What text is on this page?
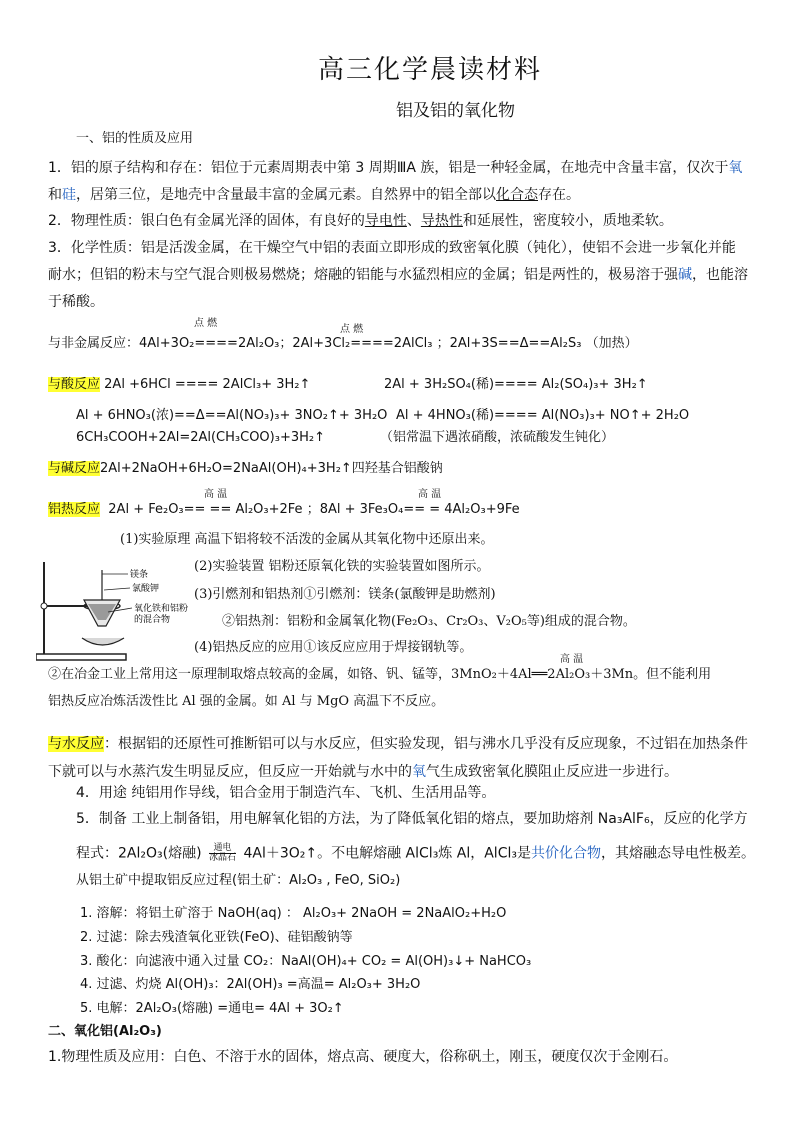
高三化学晨读材料
铝及铝的氧化物
一、铝的性质及应用
1．铝的原子结构和存在：铝位于元素周期表中第 3 周期ⅢA 族，铝是一种轻金属，在地壳中含量丰富，仅次于氧
和硅，居第三位，是地壳中含量最丰富的金属元素。自然界中的铝全部以化合态存在。
2．物理性质：银白色有金属光泽的固体，有良好的导电性、导热性和延展性，密度较小，质地柔软。
3．化学性质：铝是活泼金属，在干燥空气中铝的表面立即形成的致密氧化膜（钝化），使铝不会进一步氧化并能
耐水；但铝的粉末与空气混合则极易燃烧；熔融的铝能与水猛烈相应的金属；铝是两性的，极易溶于强碱，也能溶
于稀酸。
点 燃
点 燃
与非金属反应：4Al+3O₂====2Al₂O₃；2Al+3Cl₂====2AlCl₃ ；2Al+3S==Δ==Al₂S₃ （加热）
与酸反应 2Al +6HCl ==== 2AlCl₃+ 3H₂↑	2Al + 3H₂SO₄(稀)==== Al₂(SO₄)₃+ 3H₂↑
Al + 6HNO₃(浓)==Δ==Al(NO₃)₃+ 3NO₂↑+ 3H₂O Al + 4HNO₃(稀)==== Al(NO₃)₃+ NO↑+ 2H₂O
6CH₃COOH+2Al=2Al(CH₃COO)₃+3H₂↑	（铝常温下遇浓硝酸，浓硫酸发生钝化）
与碱反应2Al+2NaOH+6H₂O=2NaAl(OH)₄+3H₂↑四羟基合铝酸钠
高 温	高 温
铝热反应 2Al + Fe₂O₃== == Al₂O₃+2Fe ；8Al + 3Fe₃O₄== = 4Al₂O₃+9Fe
(1)实验原理 高温下铝将较不活泼的金属从其氧化物中还原出来。
(2)实验装置 铝粉还原氧化铁的实验装置如图所示。
(3)引燃剂和铝热剂①引燃剂：镁条(氯酸钾是助燃剂)
②铝热剂：铝粉和金属氧化物(Fe₂O₃、Cr₂O₃、V₂O₅等)组成的混合物。
(4)铝热反应的应用①该反应应用于焊接钢轨等。
高 温
②在冶金工业上常用这一原理制取熔点较高的金属，如铬、钒、锰等，3MnO₂＋4Al══2Al₂O₃＋3Mn。但不能利用
铝热反应冶炼活泼性比 Al 强的金属。如 Al 与 MgO 高温下不反应。
镁条
氯酸钾
氧化铁和铝粉
的混合物
与水反应：根据铝的还原性可推断铝可以与水反应，但实验发现，铝与沸水几乎没有反应现象，不过铝在加热条件
下就可以与水蒸汽发生明显反应，但反应一开始就与水中的氧气生成致密氧化膜阻止反应进一步进行。
4．用途 纯铝用作导线，铝合金用于制造汽车、飞机、生活用品等。
5．制备 工业上制备铝，用电解氧化铝的方法，为了降低氧化铝的熔点，要加助熔剂 Na₃AlF₆，反应的化学方
程式：2Al₂O₃(熔融)	通电
冰晶石 4Al＋3O₂↑。不电解熔融 AlCl₃炼 Al，AlCl₃是共价化合物，其熔融态导电性极差。
从铝土矿中提取铝反应过程(铝土矿：Al₂O₃ , FeO, SiO₂)
1. 溶解：将铝土矿溶于 NaOH(aq) ： Al₂O₃+ 2NaOH = 2NaAlO₂+H₂O
2. 过滤：除去残渣氧化亚铁(FeO)、硅铝酸钠等
3. 酸化：向滤液中通入过量 CO₂：NaAl(OH)₄+ CO₂ = Al(OH)₃↓+ NaHCO₃
4. 过滤、灼烧 Al(OH)₃：2Al(OH)₃ =高温= Al₂O₃+ 3H₂O
5. 电解：2Al₂O₃(熔融) =通电= 4Al + 3O₂↑
二、氧化铝(Al₂O₃)
1.物理性质及应用：白色、不溶于水的固体，熔点高、硬度大，俗称矾土，刚玉，硬度仅次于金刚石。
